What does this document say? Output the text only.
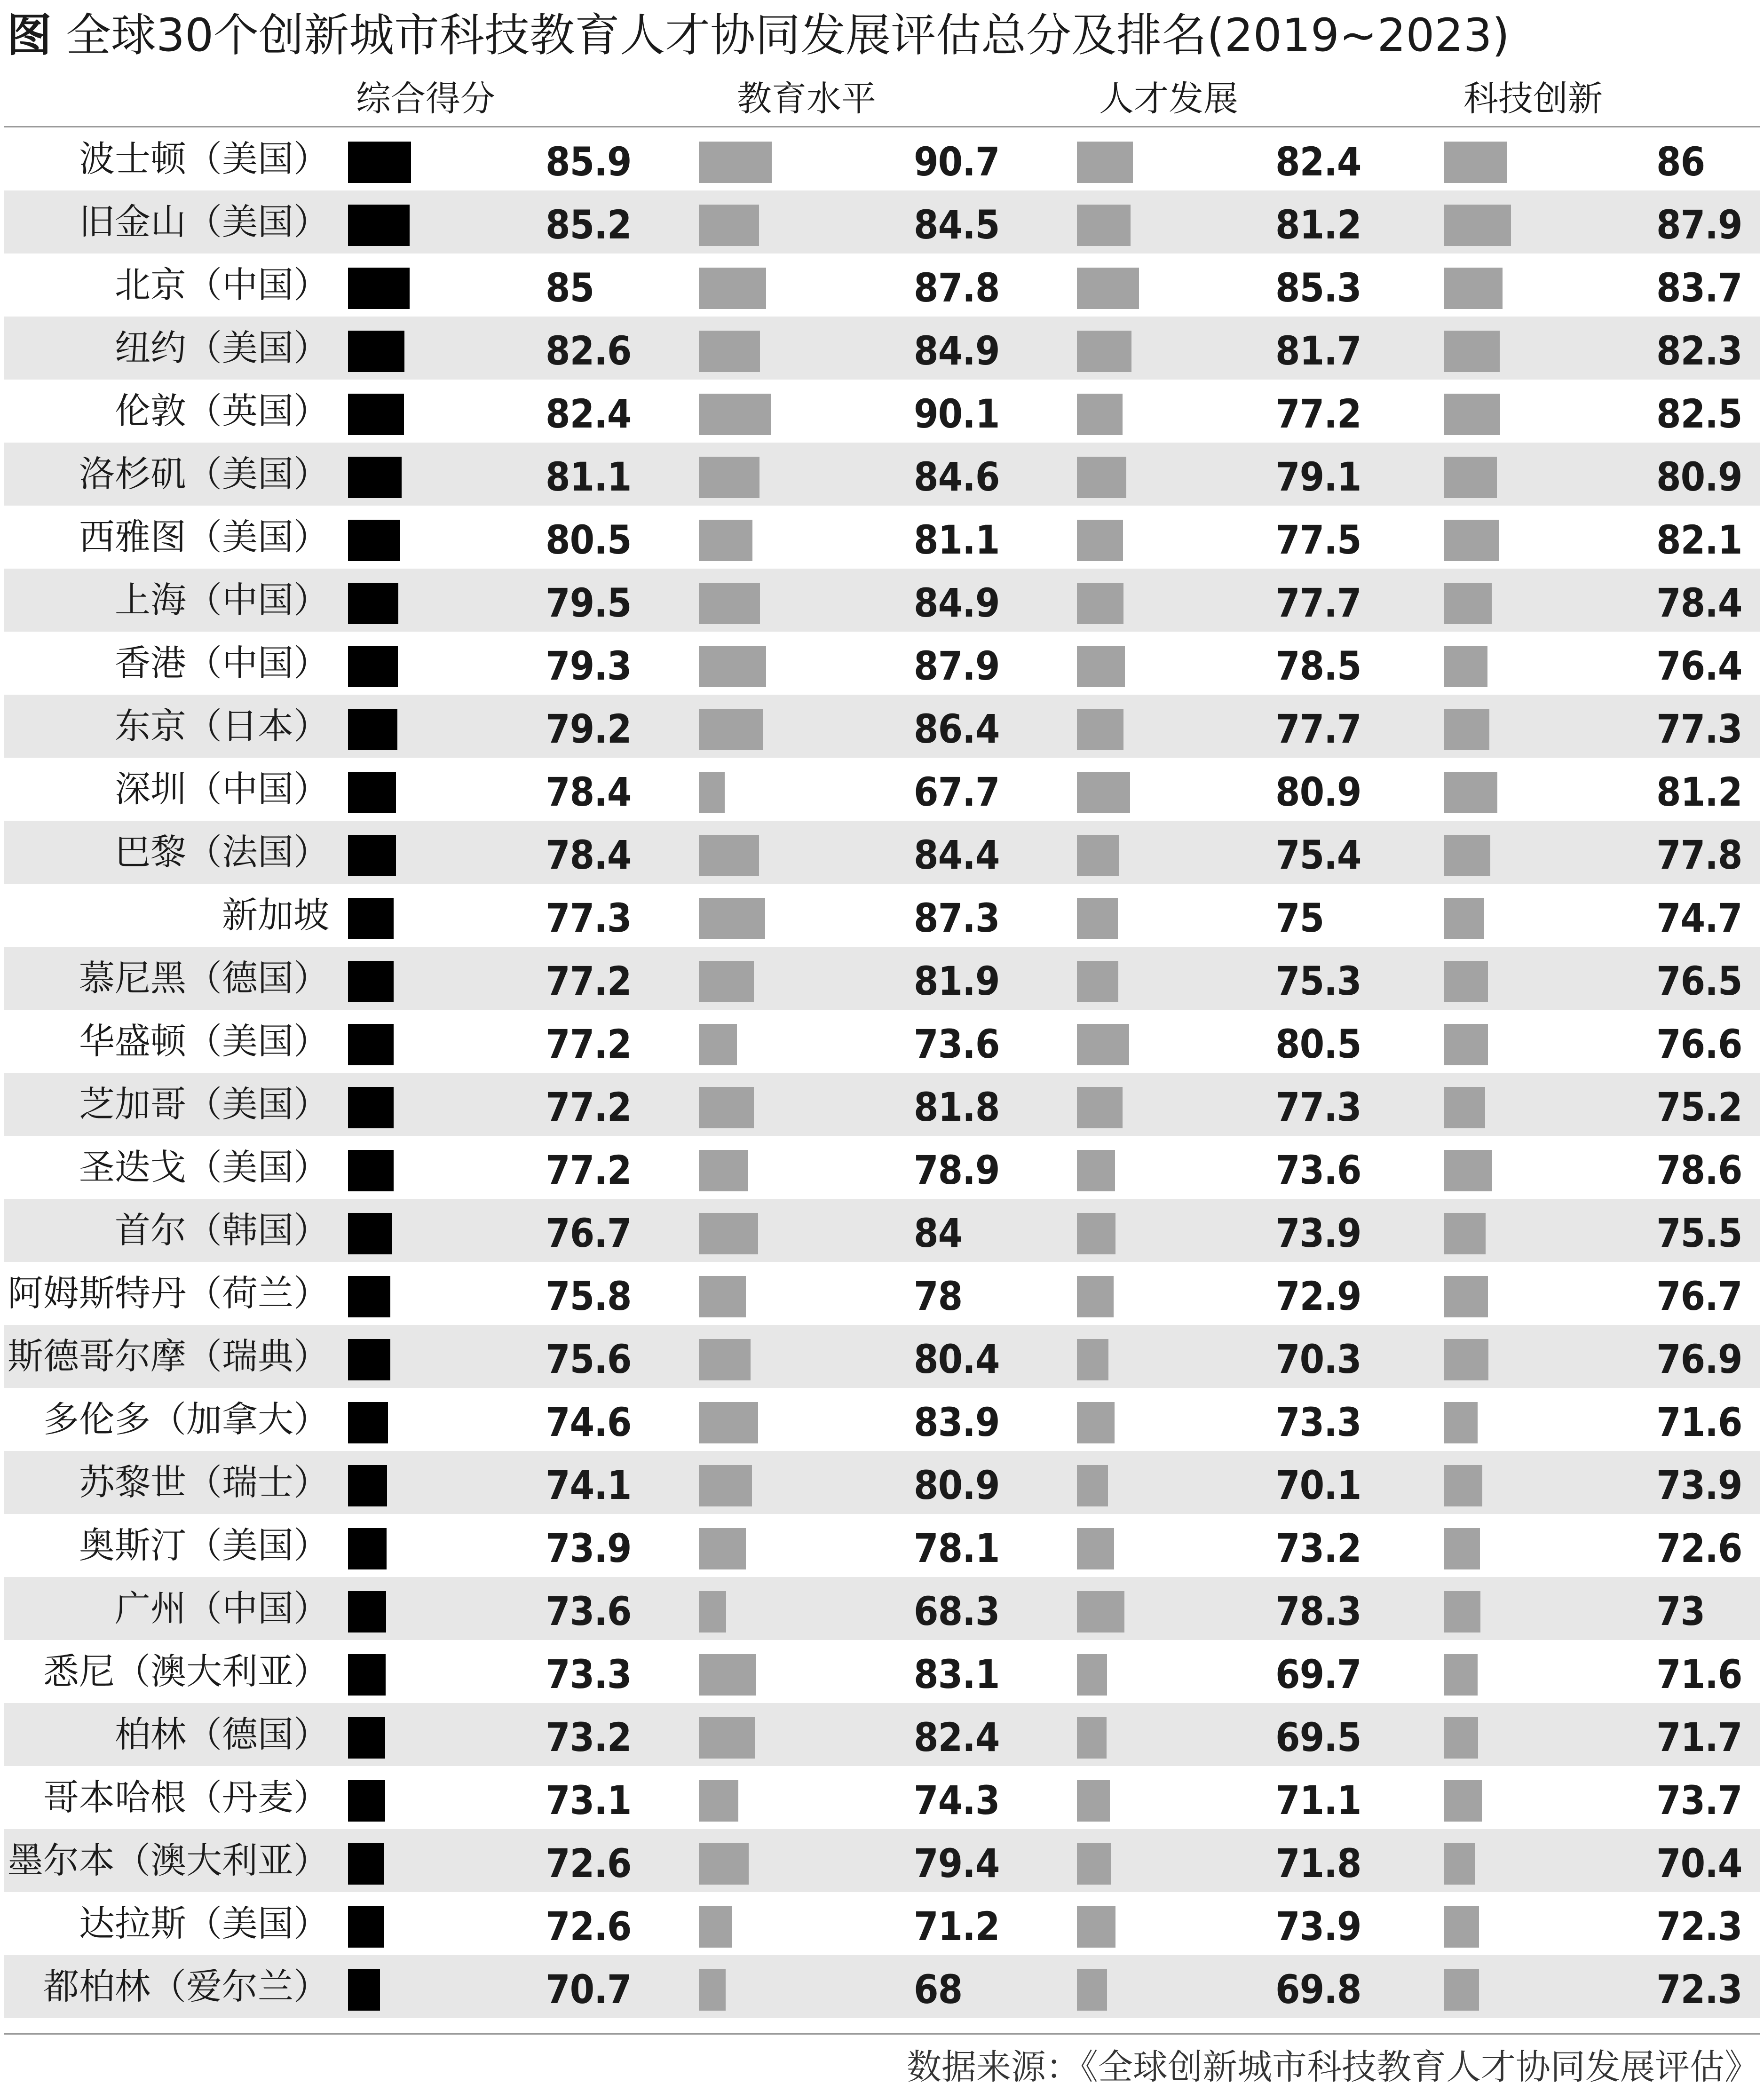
图 全球30个创新城市科技教育人才协同发展评估总分及排名(2019~2023)
综合得分	教育水平	人才发展	科技创新
波士顿（美国）	85.9	90.7	82.4	86
旧金山（美国）	85.2	84.5	81.2	87.9
北京（中国）	85	87.8	85.3	83.7
纽约（美国）	82.6	84.9	81.7	82.3
伦敦（英国）	82.4	90.1	77.2	82.5
洛杉矶（美国）	81.1	84.6	79.1	80.9
西雅图（美国）	80.5	81.1	77.5	82.1
上海（中国）	79.5	84.9	77.7	78.4
香港（中国）	79.3	87.9	78.5	76.4
东京（日本）	79.2	86.4	77.7	77.3
深圳（中国）	78.4	67.7	80.9	81.2
巴黎（法国）	78.4	84.4	75.4	77.8
新加坡	77.3	87.3	75	74.7
慕尼黑（德国）	77.2	81.9	75.3	76.5
华盛顿（美国）	77.2	73.6	80.5	76.6
芝加哥（美国）	77.2	81.8	77.3	75.2
圣迭戈（美国）	77.2	78.9	73.6	78.6
首尔（韩国）	76.7	84	73.9	75.5
阿姆斯特丹（荷兰）	75.8	78	72.9	76.7
斯德哥尔摩（瑞典）	75.6	80.4	70.3	76.9
多伦多（加拿大）	74.6	83.9	73.3	71.6
苏黎世（瑞士）	74.1	80.9	70.1	73.9
奥斯汀（美国）	73.9	78.1	73.2	72.6
广州（中国）	73.6	68.3	78.3	73
悉尼（澳大利亚）	73.3	83.1	69.7	71.6
柏林（德国）	73.2	82.4	69.5	71.7
哥本哈根（丹麦）	73.1	74.3	71.1	73.7
墨尔本（澳大利亚）	72.6	79.4	71.8	70.4
达拉斯（美国）	72.6	71.2	73.9	72.3
都柏林（爱尔兰）	70.7	68	69.8	72.3
数据来源：《全球创新城市科技教育人才协同发展评估》
